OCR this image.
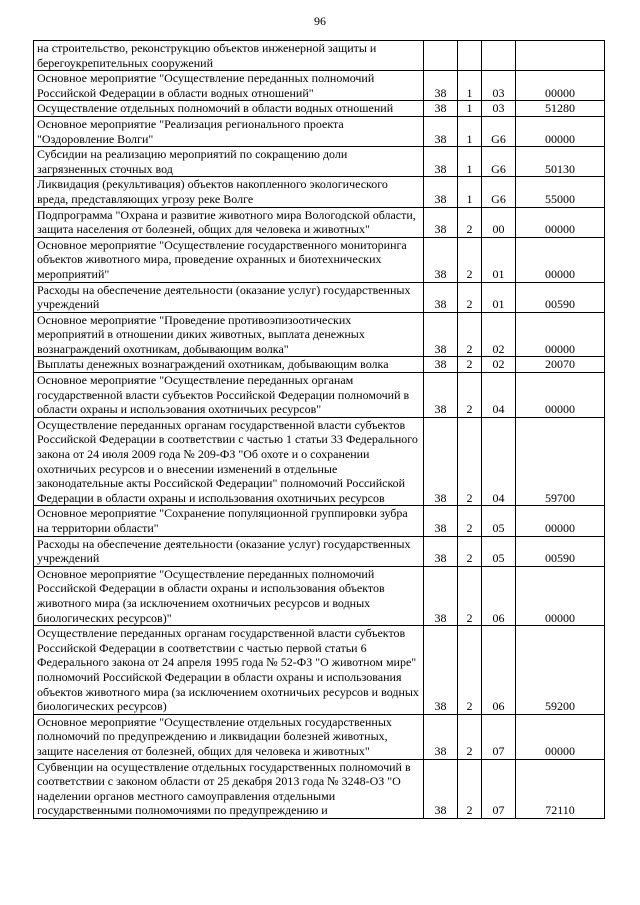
96
на строительство, реконструкцию объектов инженерной защиты и берегоукрепительных сооружений				
Основное мероприятие "Осуществление переданных полномочий Российской Федерации в области водных отношений"	38	1	03	00000
Осуществление отдельных полномочий в области водных отношений	38	1	03	51280
Основное мероприятие "Реализация регионального проекта "Оздоровление Волги"	38	1	G6	00000
Субсидии на реализацию мероприятий по сокращению доли загрязненных сточных вод	38	1	G6	50130
Ликвидация (рекультивация) объектов накопленного экологического вреда, представляющих угрозу реке Волге	38	1	G6	55000
Подпрограмма "Охрана и развитие животного мира Вологодской области, защита населения от болезней, общих для человека и животных"	38	2	00	00000
Основное мероприятие "Осуществление государственного мониторинга объектов животного мира, проведение охранных и биотехнических мероприятий"	38	2	01	00000
Расходы на обеспечение деятельности (оказание услуг) государственных учреждений	38	2	01	00590
Основное мероприятие "Проведение противоэпизоотических мероприятий в отношении диких животных, выплата денежных вознаграждений охотникам, добывающим волка"	38	2	02	00000
Выплаты денежных вознаграждений охотникам, добывающим волка	38	2	02	20070
Основное мероприятие "Осуществление переданных органам государственной власти субъектов Российской Федерации полномочий в области охраны и использования охотничьих ресурсов"	38	2	04	00000
Осуществление переданных органам государственной власти субъектов Российской Федерации в соответствии с частью 1 статьи 33 Федерального закона от 24 июля 2009 года № 209-ФЗ "Об охоте и о сохранении охотничьих ресурсов и о внесении изменений в отдельные законодательные акты Российской Федерации" полномочий Российской Федерации в области охраны и использования охотничьих ресурсов	38	2	04	59700
Основное мероприятие "Сохранение популяционной группировки зубра на территории области"	38	2	05	00000
Расходы на обеспечение деятельности (оказание услуг) государственных учреждений	38	2	05	00590
Основное мероприятие "Осуществление переданных полномочий Российской Федерации в области охраны и использования объектов животного мира (за исключением охотничьих ресурсов и водных биологических ресурсов)"	38	2	06	00000
Осуществление переданных органам государственной власти субъектов Российской Федерации в соответствии с частью первой статьи 6 Федерального закона от 24 апреля 1995 года № 52-ФЗ "О животном мире" полномочий Российской Федерации в области охраны и использования объектов животного мира (за исключением охотничьих ресурсов и водных биологических ресурсов)	38	2	06	59200
Основное мероприятие "Осуществление отдельных государственных полномочий по предупреждению и ликвидации болезней животных, защите населения от болезней, общих для человека и животных"	38	2	07	00000
Субвенции на осуществление отдельных государственных полномочий в соответствии с законом области от 25 декабря 2013 года № 3248-ОЗ "О наделении органов местного самоуправления отдельными государственными полномочиями по предупреждению и	38	2	07	72110
